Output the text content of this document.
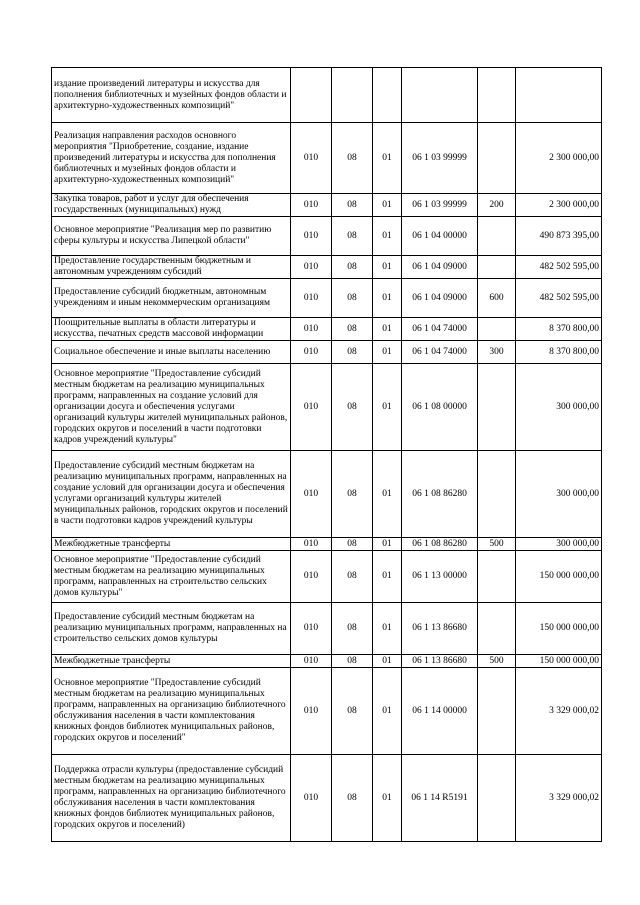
издание произведений литературы и искусства для пополнения библиотечных и музейных фондов области и архитектурно-художественных композиций"						
Реализация направления расходов основного мероприятия "Приобретение, создание, издание произведений литературы и искусства для пополнения библиотечных и музейных фондов области и архитектурно-художественных композиций"	010	08	01	06 1 03 99999		2 300 000,00
Закупка товаров, работ и услуг для обеспечения государственных (муниципальных) нужд	010	08	01	06 1 03 99999	200	2 300 000,00
Основное мероприятие "Реализация мер по развитию сферы культуры и искусства Липецкой области"	010	08	01	06 1 04 00000		490 873 395,00
Предоставление государственным бюджетным и автономным учреждениям субсидий	010	08	01	06 1 04 09000		482 502 595,00
Предоставление субсидий бюджетным, автономным учреждениям и иным некоммерческим организациям	010	08	01	06 1 04 09000	600	482 502 595,00
Поощрительные выплаты в области литературы и искусства, печатных средств массовой информации	010	08	01	06 1 04 74000		8 370 800,00
Социальное обеспечение и иные выплаты населению	010	08	01	06 1 04 74000	300	8 370 800,00
Основное мероприятие "Предоставление субсидий местным бюджетам на реализацию муниципальных программ, направленных на создание условий для организации досуга и обеспечения услугами организаций культуры жителей муниципальных районов, городских округов и поселений в части подготовки кадров учреждений культуры"	010	08	01	06 1 08 00000		300 000,00
Предоставление субсидий местным бюджетам на реализацию муниципальных программ, направленных на создание условий для организации досуга и обеспечения услугами организаций культуры жителей муниципальных районов, городских округов и поселений в части подготовки кадров учреждений культуры	010	08	01	06 1 08 86280		300 000,00
Межбюджетные трансферты	010	08	01	06 1 08 86280	500	300 000,00
Основное мероприятие "Предоставление субсидий местным бюджетам на реализацию муниципальных программ, направленных на строительство сельских домов культуры"	010	08	01	06 1 13 00000		150 000 000,00
Предоставление субсидий местным бюджетам на реализацию муниципальных программ, направленных на строительство сельских домов культуры	010	08	01	06 1 13 86680		150 000 000,00
Межбюджетные трансферты	010	08	01	06 1 13 86680	500	150 000 000,00
Основное мероприятие "Предоставление субсидий местным бюджетам на реализацию муниципальных программ, направленных на организацию библиотечного обслуживания населения в части комплектования книжных фондов библиотек муниципальных районов, городских округов и поселений"	010	08	01	06 1 14 00000		3 329 000,02
Поддержка отрасли культуры (предоставление субсидий местным бюджетам на реализацию муниципальных программ, направленных на организацию библиотечного обслуживания населения в части комплектования книжных фондов библиотек муниципальных районов, городских округов и поселений)	010	08	01	06 1 14 R5191		3 329 000,02
